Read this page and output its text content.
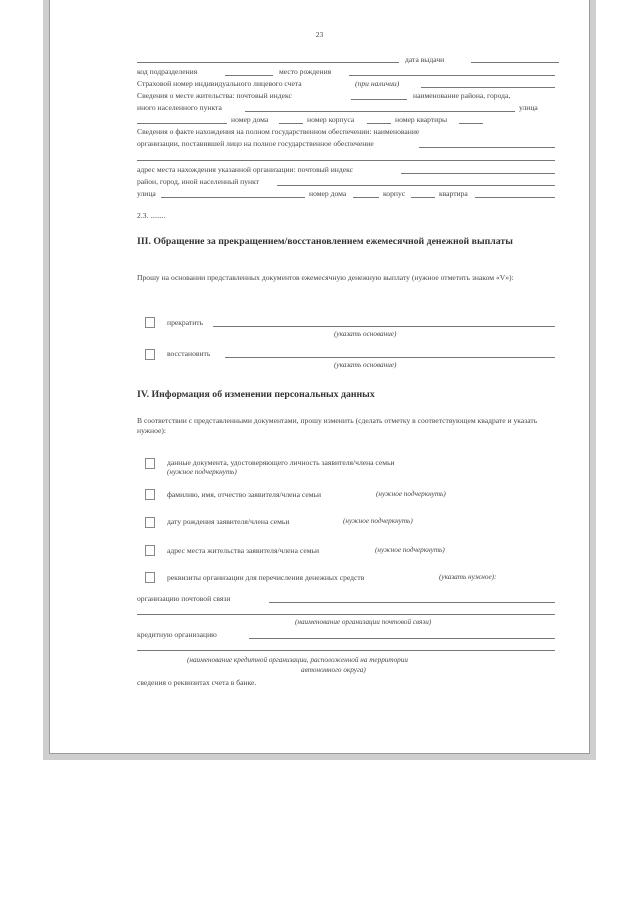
23
дата выдачи
код подразделения	место рождения
Страховой номер индивидуального лицевого счета	(при наличии)
Сведения о месте жительства: почтовый индекс	наименование района, города,
иного населенного пункта	улица
номер дома	номер корпуса	номер квартиры
Сведения о факте нахождения на полном государственном обеспечении: наименование
организации, поставившей лицо на полное государственное обеспечение
адрес места нахождения указанной организации: почтовый индекс
район, город, иной населенный пункт
улица	номер дома	корпус	квартира
2.3. ........
III. Обращение за прекращением/восстановлением ежемесячной денежной выплаты
Прошу на основании представленных документов ежемесячную денежную выплату (нужное отметить знаком «V»):
прекратить
(указать основание)
восстановить
(указать основание)
IV. Информация об изменении персональных данных
В соответствии с представленными документами, прошу изменить (сделать отметку в соответствующем квадрате и указать нужное):
данные документа, удостоверяющего личность заявителя/члена семьи
(нужное подчеркнуть)
фамилию, имя, отчество заявителя/члена семьи	(нужное подчеркнуть)
дату рождения заявителя/члена семьи	(нужное подчеркнуть)
адрес места жительства заявителя/члена семьи	(нужное подчеркнуть)
реквизиты организации для перечисления денежных средств	(указать нужное):
организацию почтовой связи
(наименование организации почтовой связи)
кредитную организацию
(наименование кредитной организации, расположенной на территории
автономного округа)
сведения о реквизитах счета в банке.
